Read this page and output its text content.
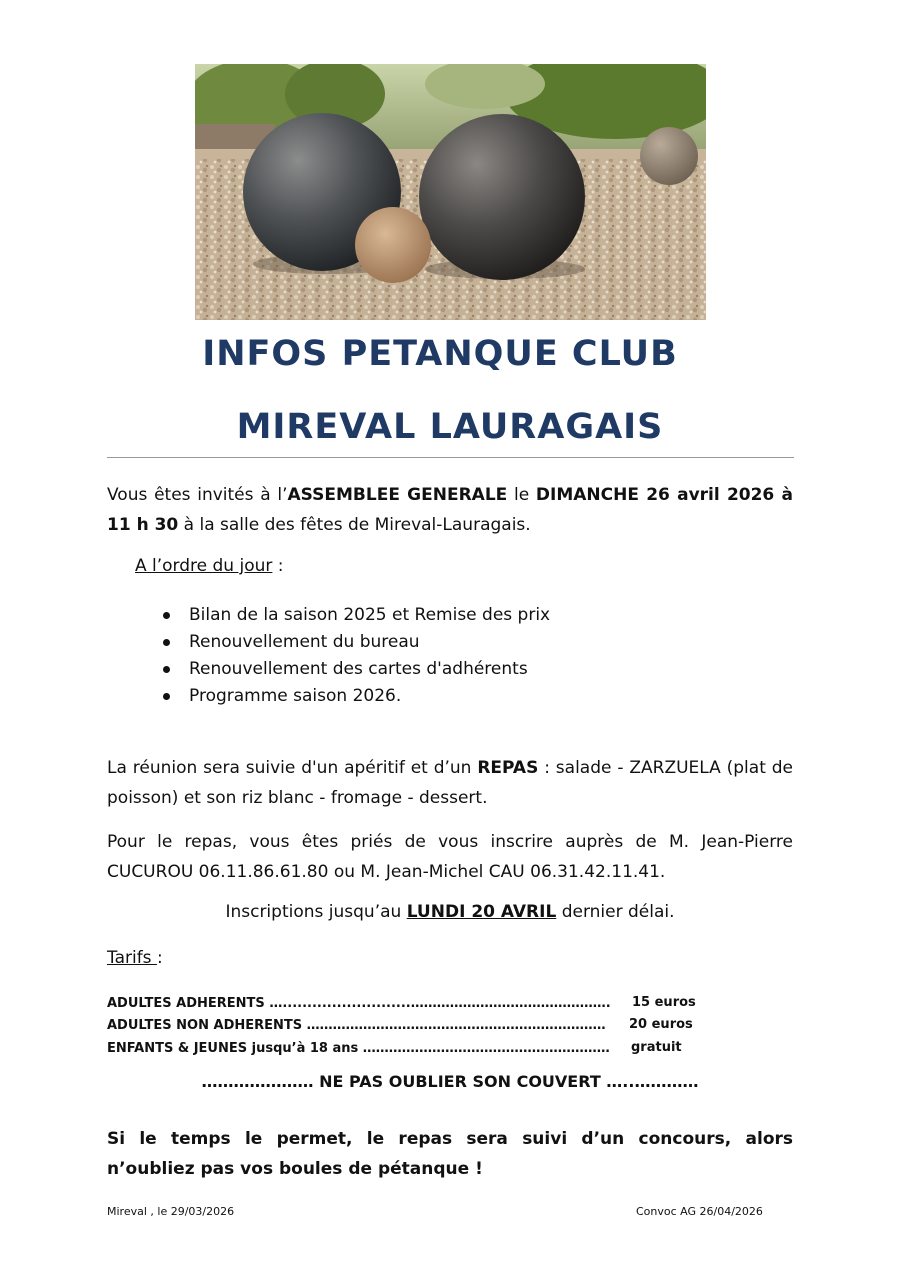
INFOS PETANQUE CLUB
MIREVAL LAURAGAIS
Vous êtes invités à l’ASSEMBLEE GENERALE le DIMANCHE 26 avril 2026 à 11 h 30 à la salle des fêtes de Mireval-Lauragais.
A l’ordre du jour :
Bilan de la saison 2025 et Remise des prix
Renouvellement du bureau
Renouvellement des cartes d'adhérents
Programme saison 2026.
La réunion sera suivie d'un apéritif et d’un REPAS : salade - ZARZUELA (plat de poisson) et son riz blanc - fromage - dessert.
Pour le repas, vous êtes priés de vous inscrire auprès de M. Jean-Pierre CUCUROU 06.11.86.61.80 ou M. Jean-Michel CAU 06.31.42.11.41.
Inscriptions jusqu’au LUNDI 20 AVRIL dernier délai.
Tarifs :
ADULTES ADHERENTS …..........................………………………………………. 15 euros
ADULTES NON ADHERENTS …………………………………………………………… 20 euros
ENFANTS & JEUNES jusqu’à 18 ans ………………………………………………… gratuit
………………… NE PAS OUBLIER SON COUVERT …..…………
Si le temps le permet, le repas sera suivi d’un concours, alors n’oubliez pas vos boules de pétanque !
Mireval , le 29/03/2026	Convoc AG 26/04/2026
